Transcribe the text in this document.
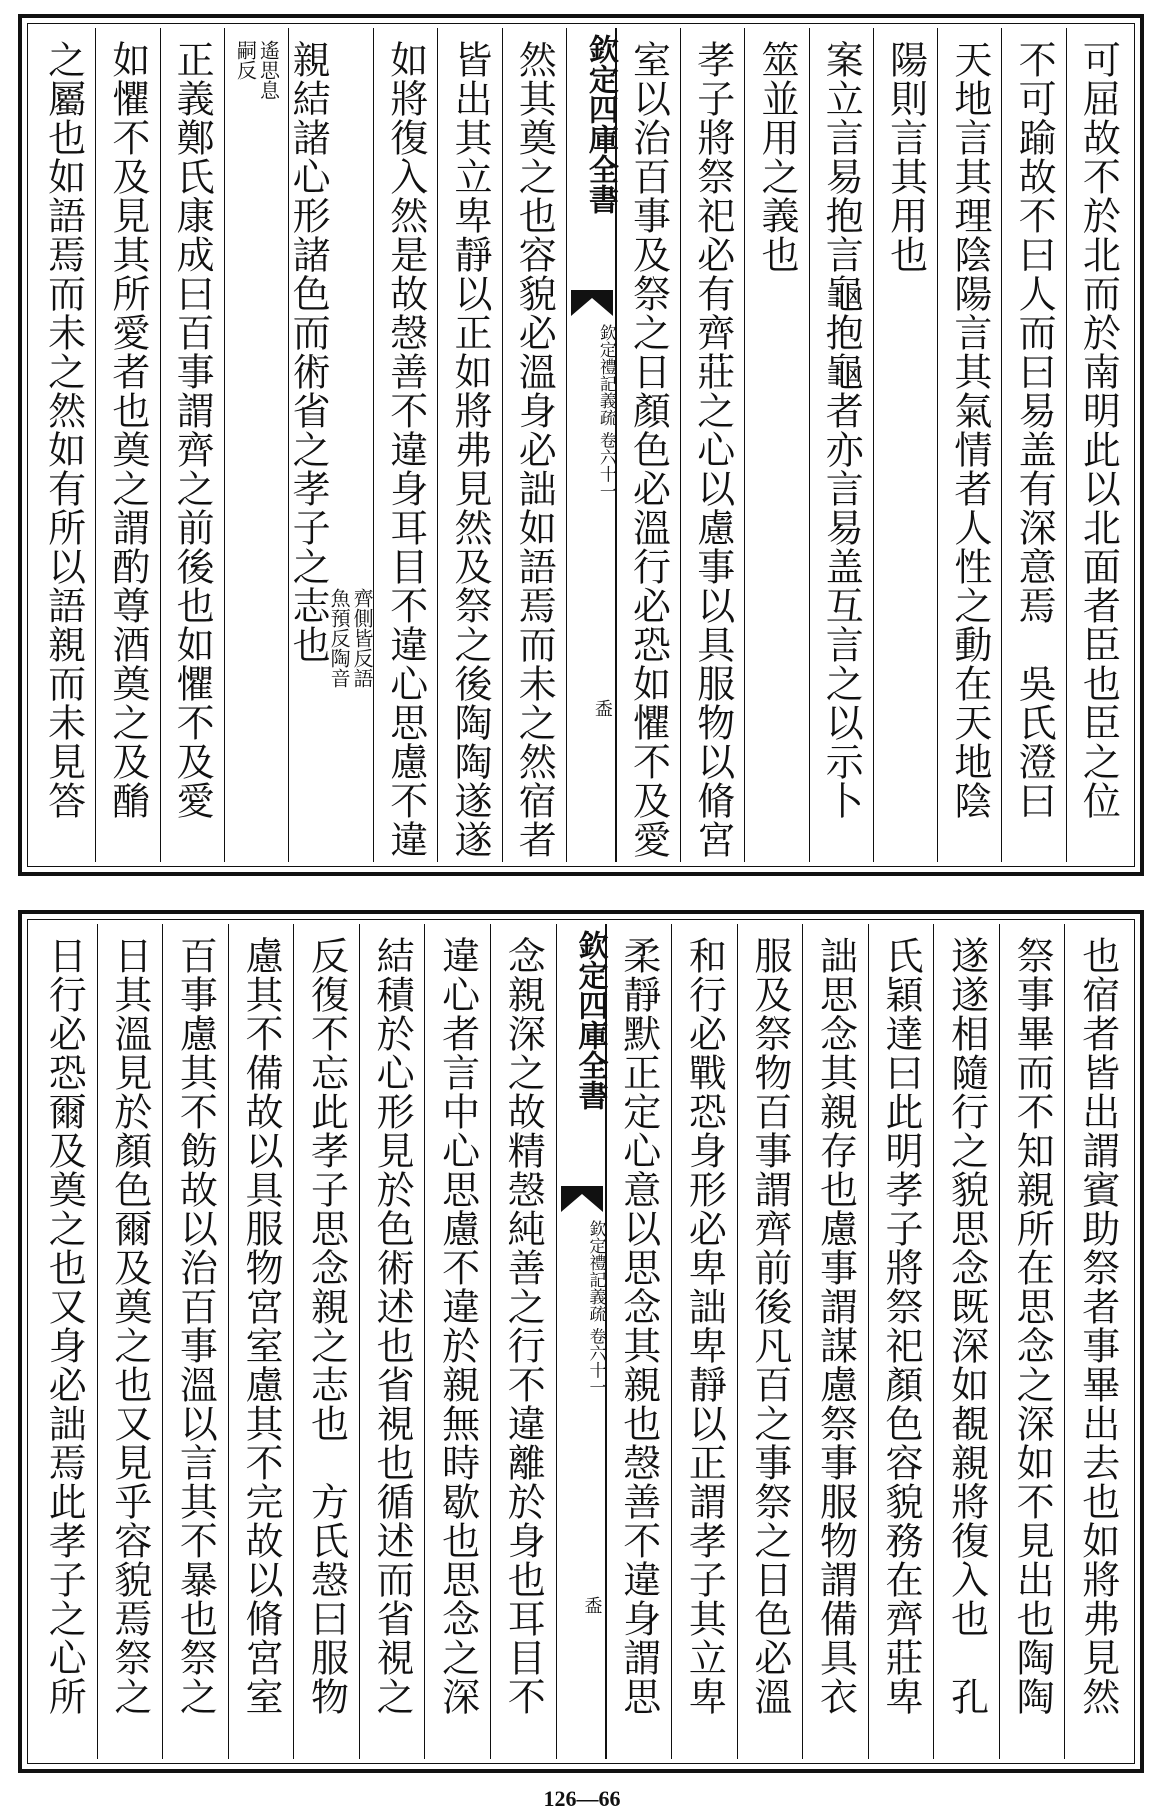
可屈故不於北而於南明此以北面者臣也臣之位
不可踰故不曰人而曰易盖有深意焉　吳氏澄曰
天地言其理陰陽言其氣情者人性之動在天地陰
陽則言其用也
案立言易抱言龜抱龜者亦言易盖互言之以示卜
筮並用之義也
孝子將祭祀必有齊莊之心以慮事以具服物以脩宮
室以治百事及祭之日顏色必溫行必恐如懼不及愛
欽定四庫全書
欽定禮記義疏 卷六十一
盉
然其奠之也容貌必溫身必詘如語焉而未之然宿者
皆出其立卑靜以正如將弗見然及祭之後陶陶遂遂
如將復入然是故愨善不違身耳目不違心思慮不違
親結諸心形諸色而術省之孝子之志也	齊側皆反語
魚預反陶音
遙思息
嗣反
正義鄭氏康成曰百事謂齊之前後也如懼不及愛
如懼不及見其所愛者也奠之謂酌尊酒奠之及酳
之屬也如語焉而未之然如有所以語親而未見答
也宿者皆出謂賓助祭者事畢出去也如將弗見然
祭事畢而不知親所在思念之深如不見出也陶陶
遂遂相隨行之貌思念既深如覩親將復入也　孔
氏穎達曰此明孝子將祭祀顏色容貌務在齊莊卑
詘思念其親存也慮事謂謀慮祭事服物謂備具衣
服及祭物百事謂齊前後凡百之事祭之日色必溫
和行必戰恐身形必卑詘卑靜以正謂孝子其立卑
柔靜默正定心意以思念其親也愨善不違身謂思
欽定四庫全書
欽定禮記義疏 卷六十一
盉
念親深之故精愨純善之行不違離於身也耳目不
違心者言中心思慮不違於親無時歇也思念之深
結積於心形見於色術述也省視也循述而省視之
反復不忘此孝子思念親之志也　方氏愨曰服物
慮其不備故以具服物宮室慮其不完故以脩宮室
百事慮其不飭故以治百事溫以言其不暴也祭之
日其溫見於顏色爾及奠之也又見乎容貌焉祭之
日行必恐爾及奠之也又身必詘焉此孝子之心所
126—66
